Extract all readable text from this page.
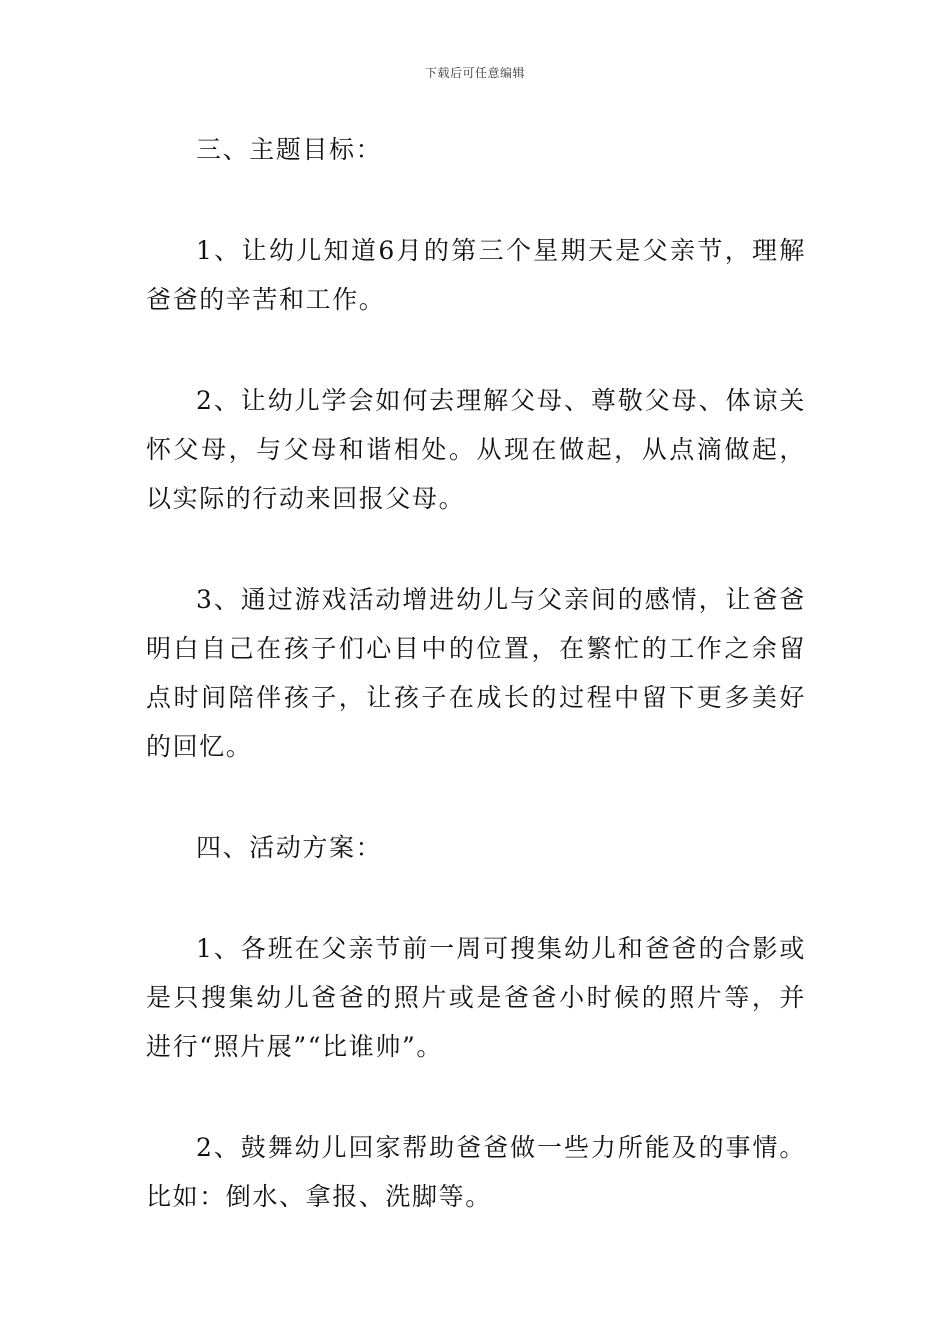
下载后可任意编辑

三、主题目标：

1、让幼儿知道6月的第三个星期天是父亲节，理解爸爸的辛苦和工作。

2、让幼儿学会如何去理解父母、尊敬父母、体谅关怀父母，与父母和谐相处。从现在做起，从点滴做起，以实际的行动来回报父母。

3、通过游戏活动增进幼儿与父亲间的感情，让爸爸明白自己在孩子们心目中的位置，在繁忙的工作之余留点时间陪伴孩子，让孩子在成长的过程中留下更多美好的回忆。

四、活动方案：

1、各班在父亲节前一周可搜集幼儿和爸爸的合影或是只搜集幼儿爸爸的照片或是爸爸小时候的照片等，并进行“照片展”“比谁帅”。

2、鼓舞幼儿回家帮助爸爸做一些力所能及的事情。比如：倒水、拿报、洗脚等。
